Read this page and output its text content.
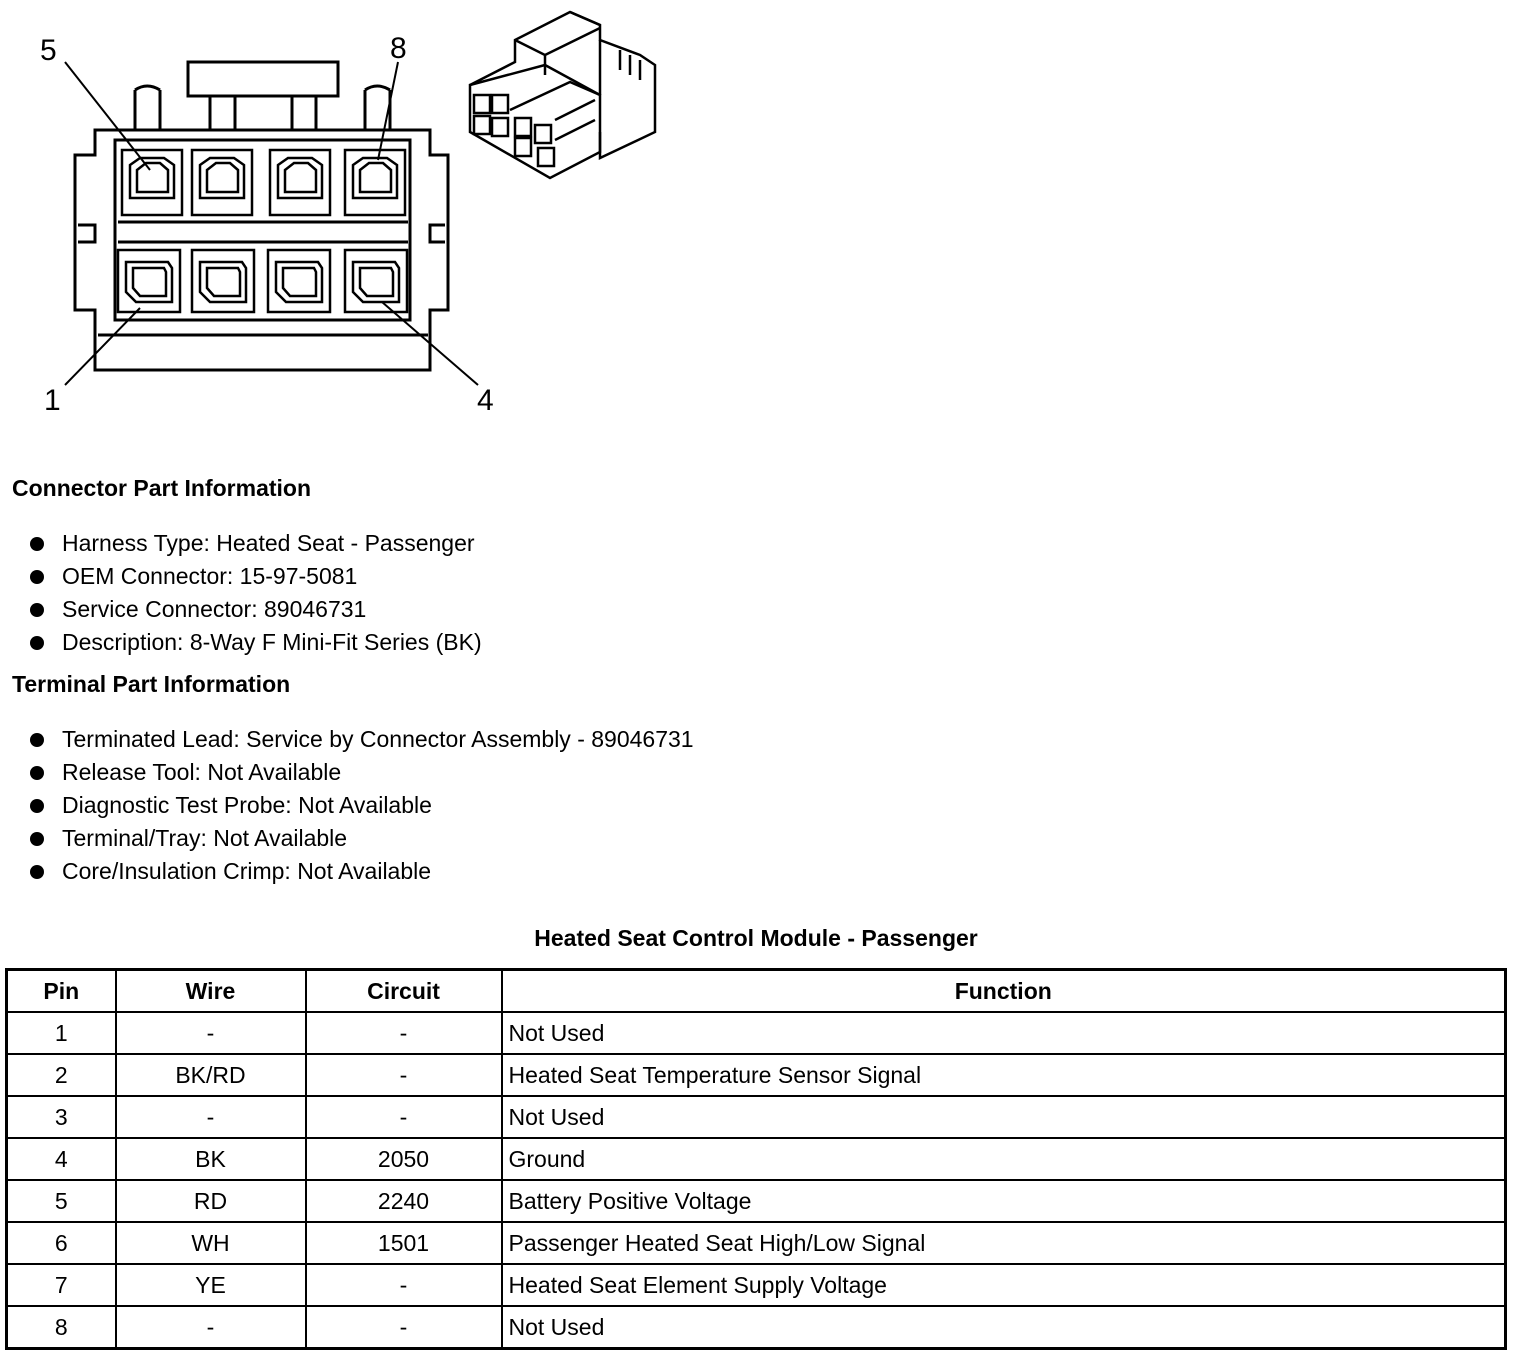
5	8
1	4
Connector Part Information
Harness Type: Heated Seat - Passenger
OEM Connector: 15-97-5081
Service Connector: 89046731
Description: 8-Way F Mini-Fit Series (BK)
Terminal Part Information
Terminated Lead: Service by Connector Assembly - 89046731
Release Tool: Not Available
Diagnostic Test Probe: Not Available
Terminal/Tray: Not Available
Core/Insulation Crimp: Not Available
Heated Seat Control Module - Passenger
Pin	Wire	Circuit	Function
1	-	-	Not Used
2	BK/RD	-	Heated Seat Temperature Sensor Signal
3	-	-	Not Used
4	BK	2050	Ground
5	RD	2240	Battery Positive Voltage
6	WH	1501	Passenger Heated Seat High/Low Signal
7	YE	-	Heated Seat Element Supply Voltage
8	-	-	Not Used
